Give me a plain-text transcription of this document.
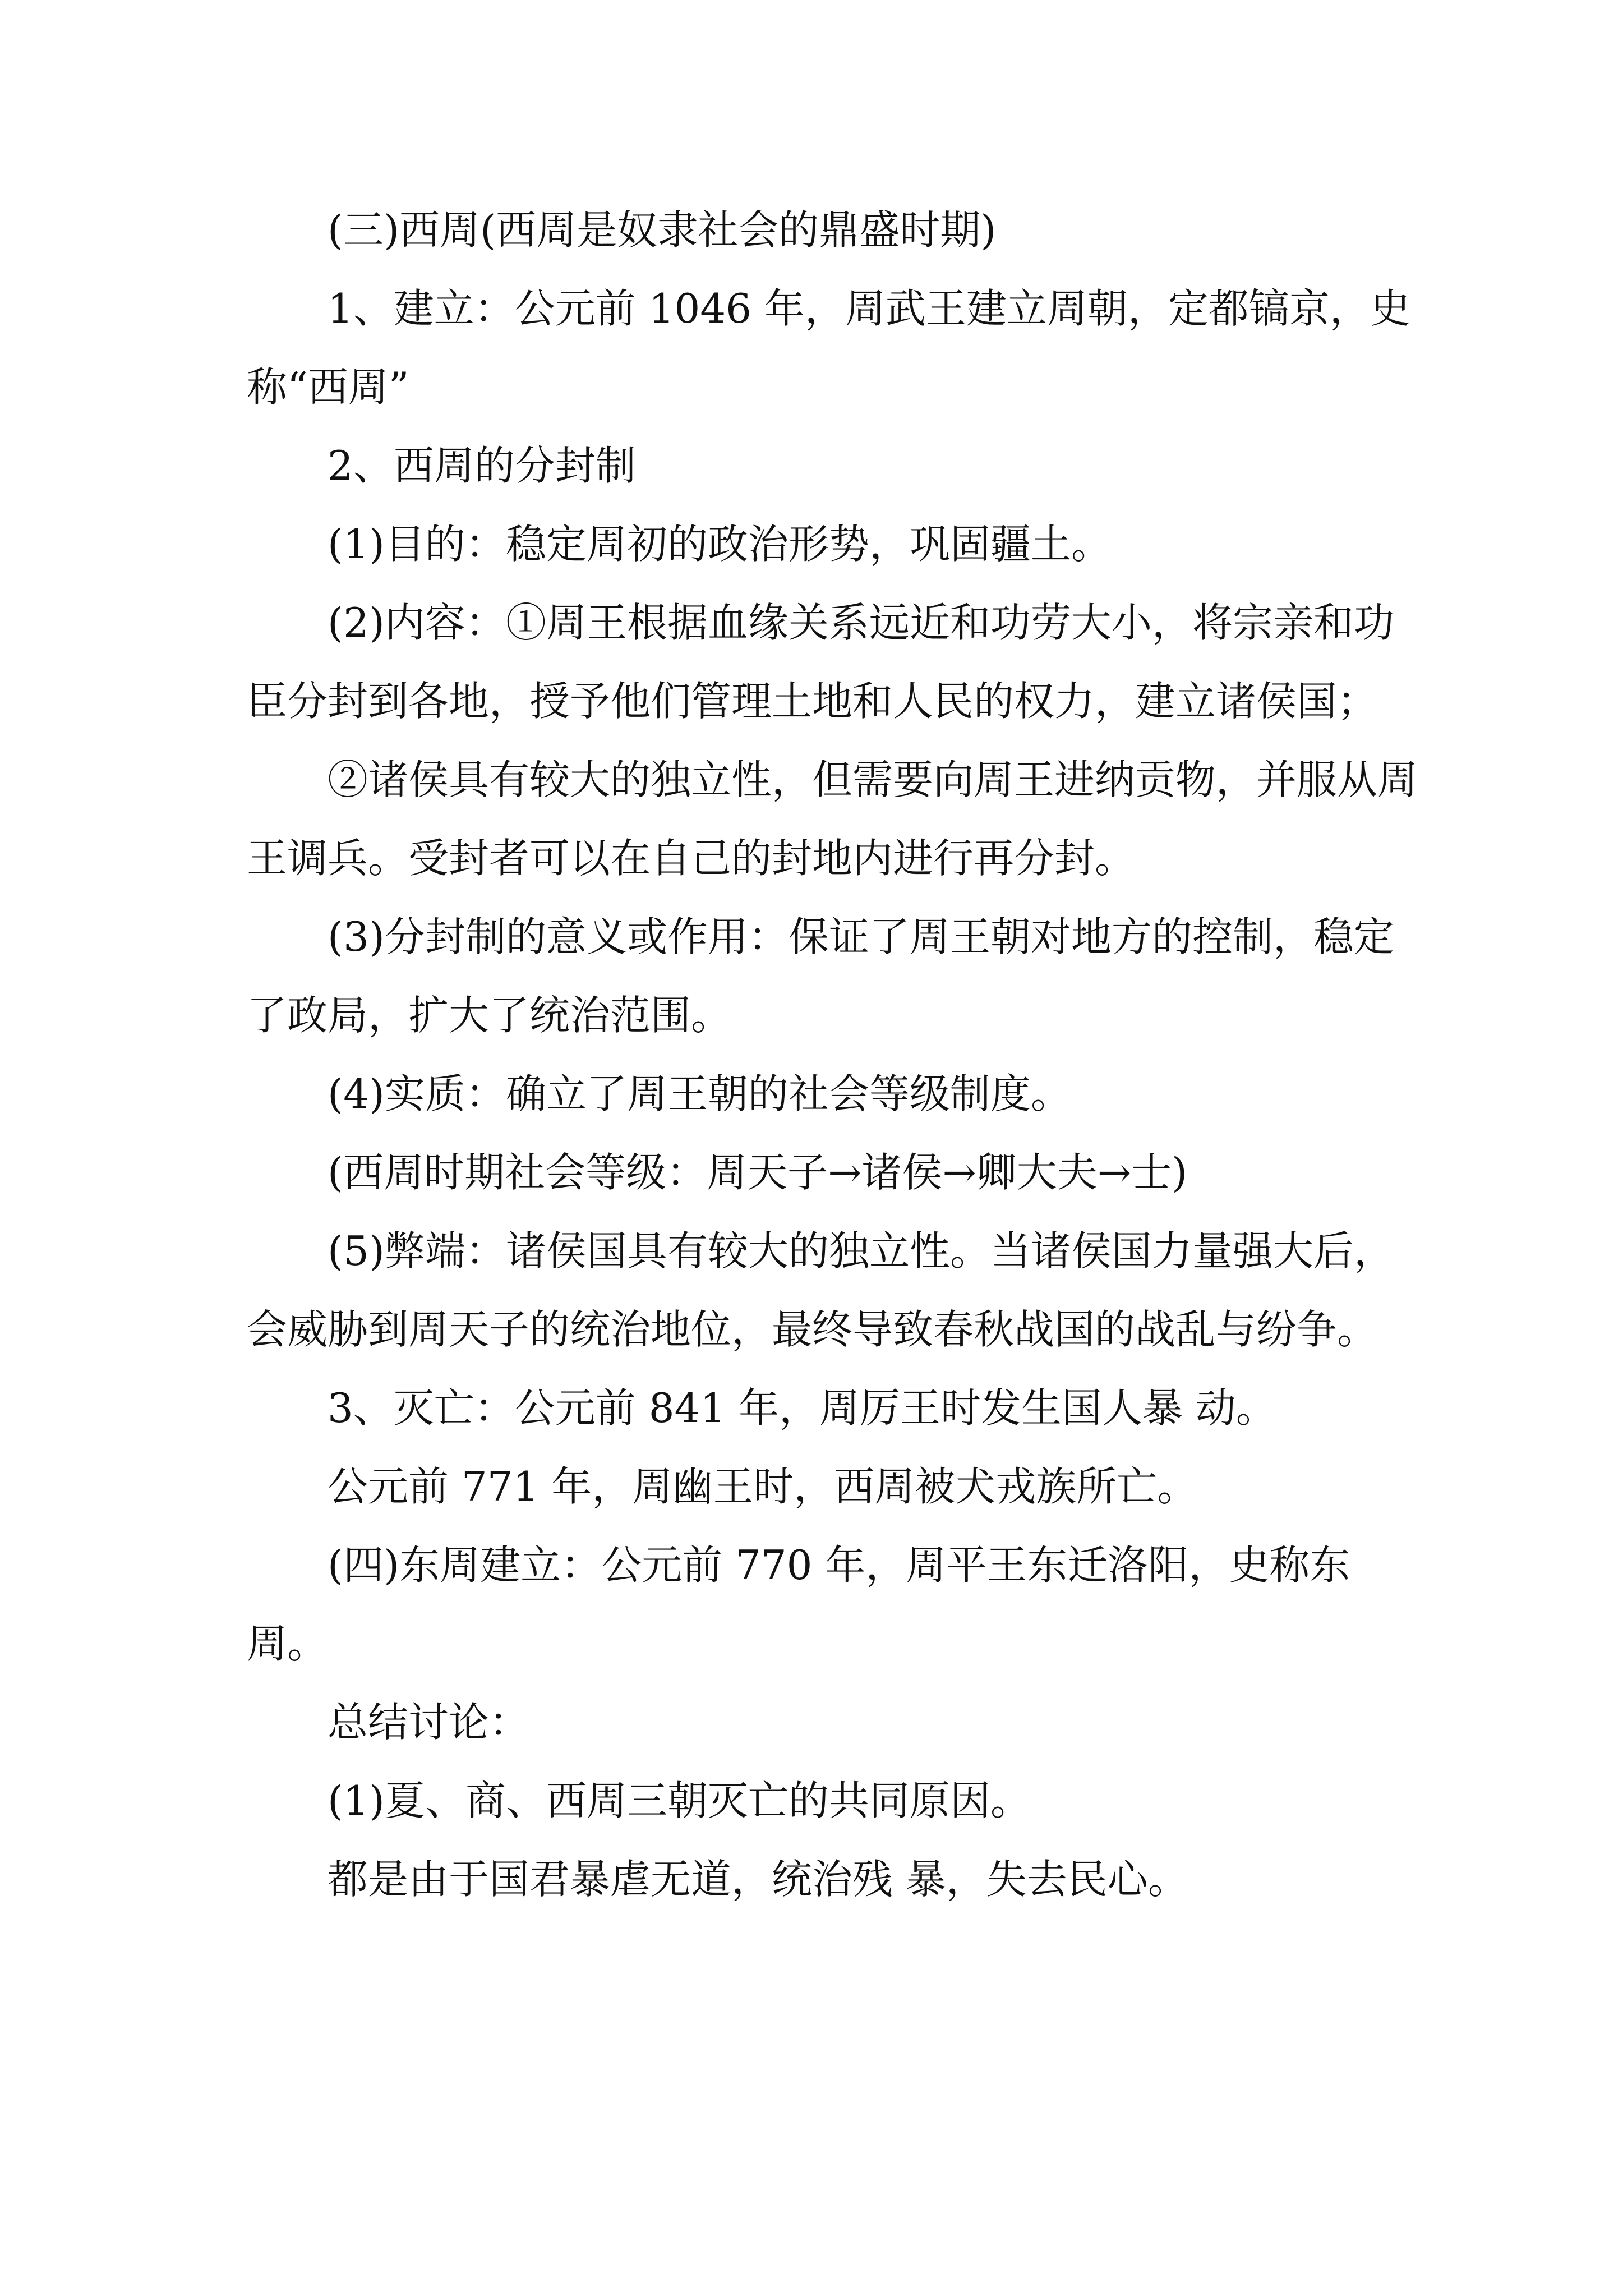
(三)西周(西周是奴隶社会的鼎盛时期)

1、建立：公元前 1046 年，周武王建立周朝，定都镐京，史称“西周”

2、西周的分封制

(1)目的：稳定周初的政治形势，巩固疆土。

(2)内容：①周王根据血缘关系远近和功劳大小，将宗亲和功臣分封到各地，授予他们管理土地和人民的权力，建立诸侯国；

②诸侯具有较大的独立性，但需要向周王进纳贡物，并服从周王调兵。受封者可以在自己的封地内进行再分封。

(3)分封制的意义或作用：保证了周王朝对地方的控制，稳定了政局，扩大了统治范围。

(4)实质：确立了周王朝的社会等级制度。

(西周时期社会等级：周天子→诸侯→卿大夫→士)

(5)弊端：诸侯国具有较大的独立性。当诸侯国力量强大后，会威胁到周天子的统治地位，最终导致春秋战国的战乱与纷争。

3、灭亡：公元前 841 年，周厉王时发生国人暴 动。

公元前 771 年，周幽王时，西周被犬戎族所亡。

(四)东周建立：公元前 770 年，周平王东迁洛阳，史称东周。

总结讨论：

(1)夏、商、西周三朝灭亡的共同原因。

都是由于国君暴虐无道，统治残 暴，失去民心。
